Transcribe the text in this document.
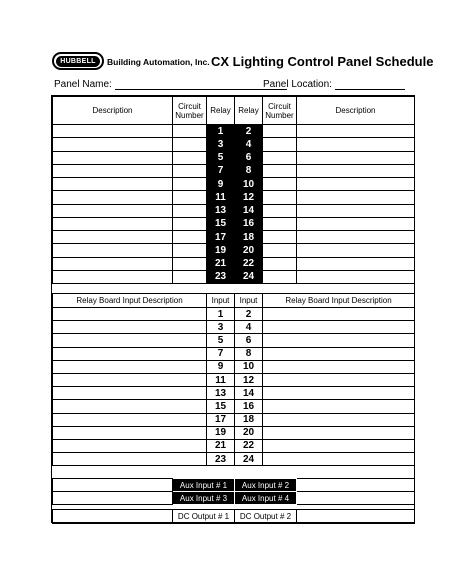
HUBBELL	Building Automation, Inc. CX Lighting Control Panel Schedule
Panel Name:	Panel Location:
Description	Circuit Number	Relay	Relay	Circuit Number	Description
		1	2		
		3	4		
		5	6		
		7	8		
		9	10		
		11	12		
		13	14		
		15	16		
		17	18		
		19	20		
		21	22		
		23	24		
Relay Board Input Description	Input	Input	Relay Board Input Description
	1	2	
	3	4	
	5	6	
	7	8	
	9	10	
	11	12	
	13	14	
	15	16	
	17	18	
	19	20	
	21	22	
	23	24	
	Aux Input # 1	Aux Input # 2	
	Aux Input # 3	Aux Input # 4	
	DC Output # 1	DC Output # 2	
